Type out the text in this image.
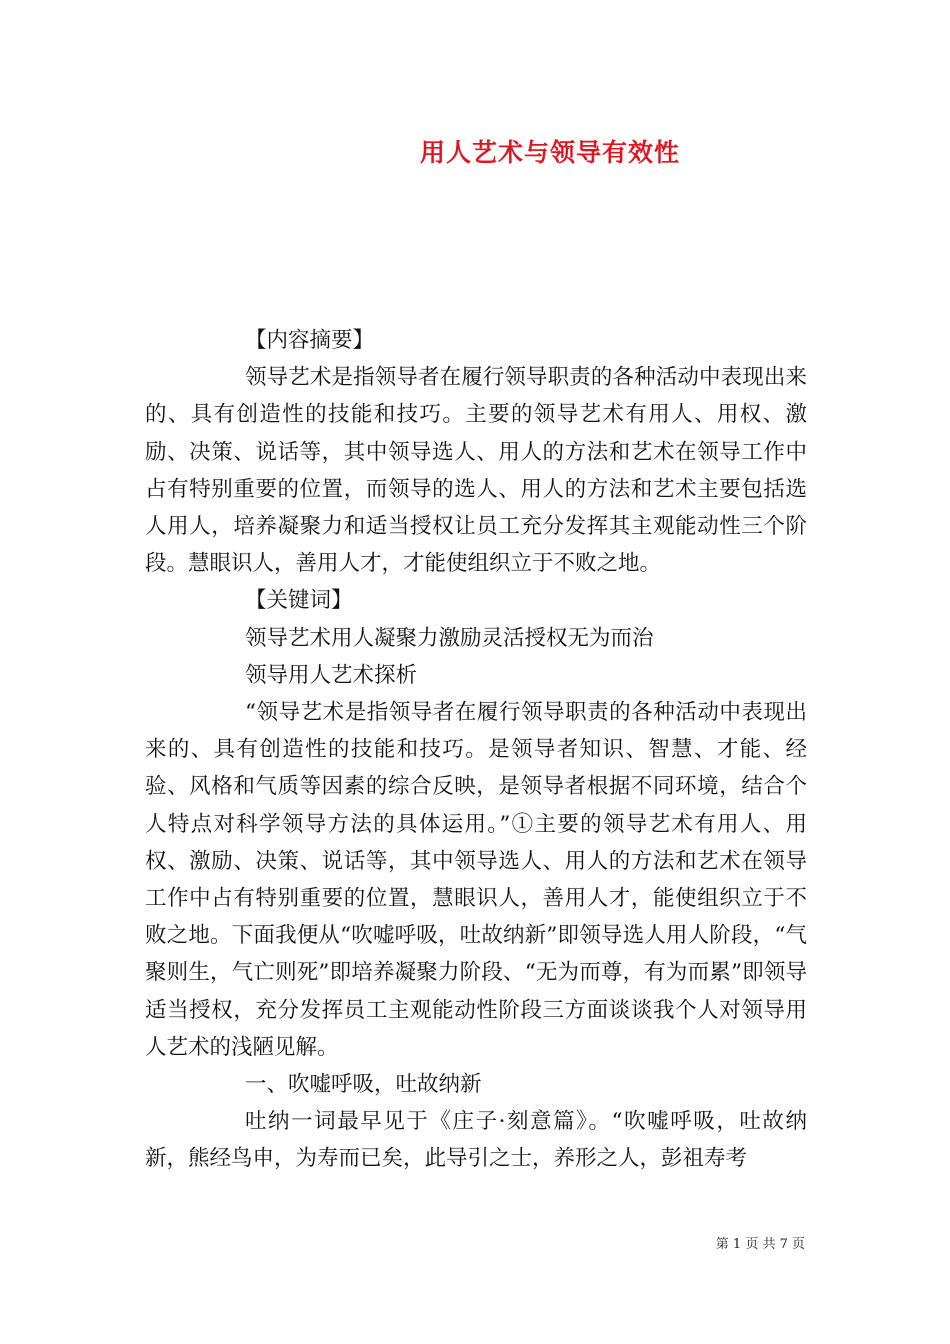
用人艺术与领导有效性

【内容摘要】

领导艺术是指领导者在履行领导职责的各种活动中表现出来的、具有创造性的技能和技巧。主要的领导艺术有用人、用权、激励、决策、说话等，其中领导选人、用人的方法和艺术在领导工作中占有特别重要的位置，而领导的选人、用人的方法和艺术主要包括选人用人，培养凝聚力和适当授权让员工充分发挥其主观能动性三个阶段。慧眼识人，善用人才，才能使组织立于不败之地。

【关键词】

领导艺术用人凝聚力激励灵活授权无为而治

领导用人艺术探析

“领导艺术是指领导者在履行领导职责的各种活动中表现出来的、具有创造性的技能和技巧。是领导者知识、智慧、才能、经验、风格和气质等因素的综合反映，是领导者根据不同环境，结合个人特点对科学领导方法的具体运用。”①主要的领导艺术有用人、用权、激励、决策、说话等，其中领导选人、用人的方法和艺术在领导工作中占有特别重要的位置，慧眼识人，善用人才，能使组织立于不败之地。下面我便从“吹嘘呼吸，吐故纳新”即领导选人用人阶段，“气聚则生，气亡则死”即培养凝聚力阶段、“无为而尊，有为而累”即领导适当授权，充分发挥员工主观能动性阶段三方面谈谈我个人对领导用人艺术的浅陋见解。

一、吹嘘呼吸，吐故纳新

吐纳一词最早见于《庄子·刻意篇》。“吹嘘呼吸，吐故纳新，熊经鸟申，为寿而已矣，此导引之士，养形之人，彭祖寿考

第 1 页 共 7 页
